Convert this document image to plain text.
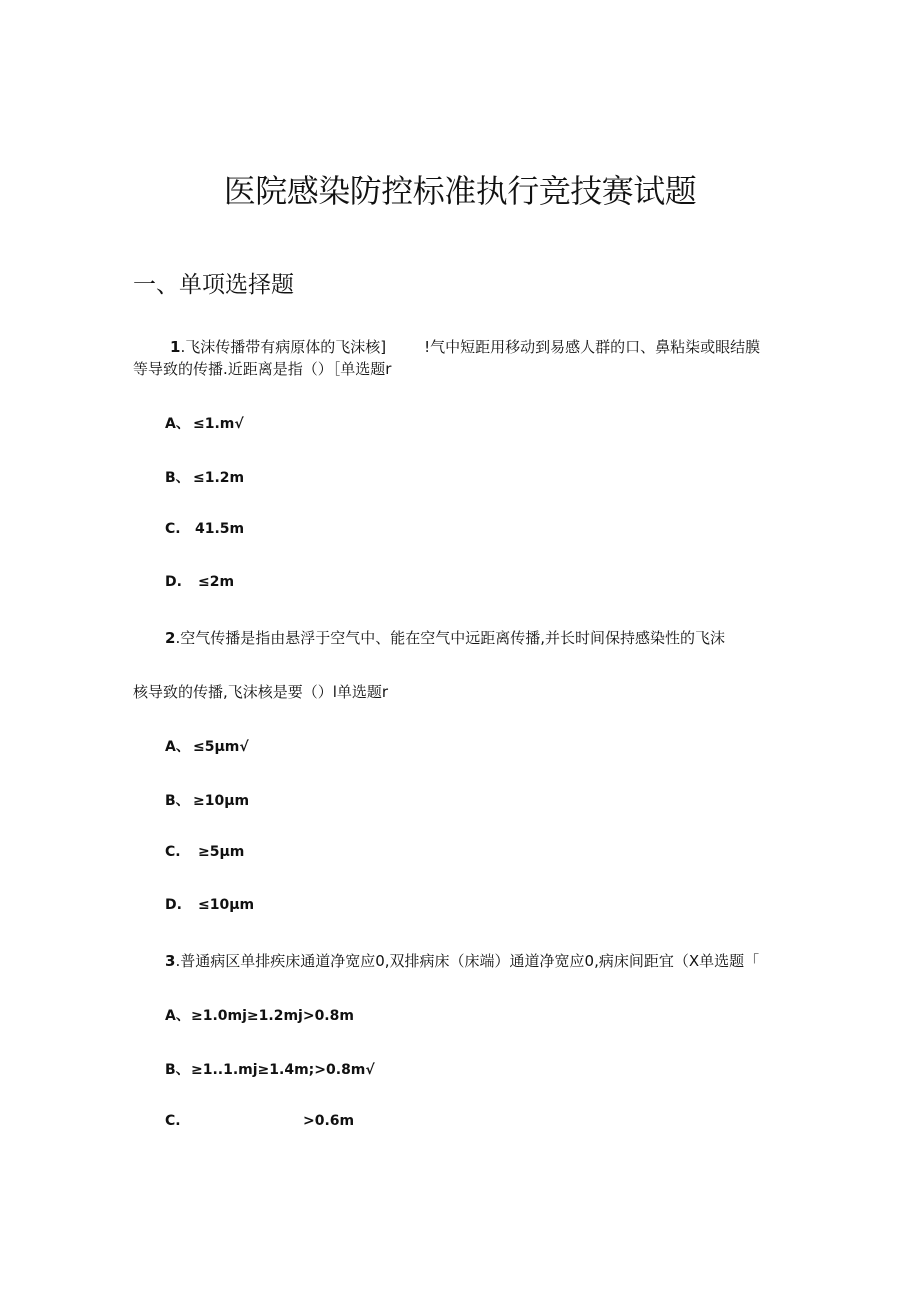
医院感染防控标准执行竞技赛试题
一、单项选择题
1.飞沫传播带有病原体的飞沫核]	!气中短距用移动到易感人群的口、鼻粘柒或眼结膜
等导致的传播.近距离是指（）［单选题r
A、 ≤1.m√
B、 ≤1.2m
C. 41.5m
D. ≤2m
2.空气传播是指由悬浮于空气中、能在空气中远距离传播,并长时间保持感染性的飞沫
核导致的传播,飞沫核是要（）l单选题r
A、 ≤5μm√
B、 ≥10μm
C. ≥5μm
D. ≤10μm
3.普通病区单排疾床通道净宽应0,双排病床（床端）通道净宽应0,病床间距宜（X单选题「
A、≥1.0mj≥1.2mj>0.8m
B、≥1..1.mj≥1.4m;>0.8m√
C.	>0.6m
